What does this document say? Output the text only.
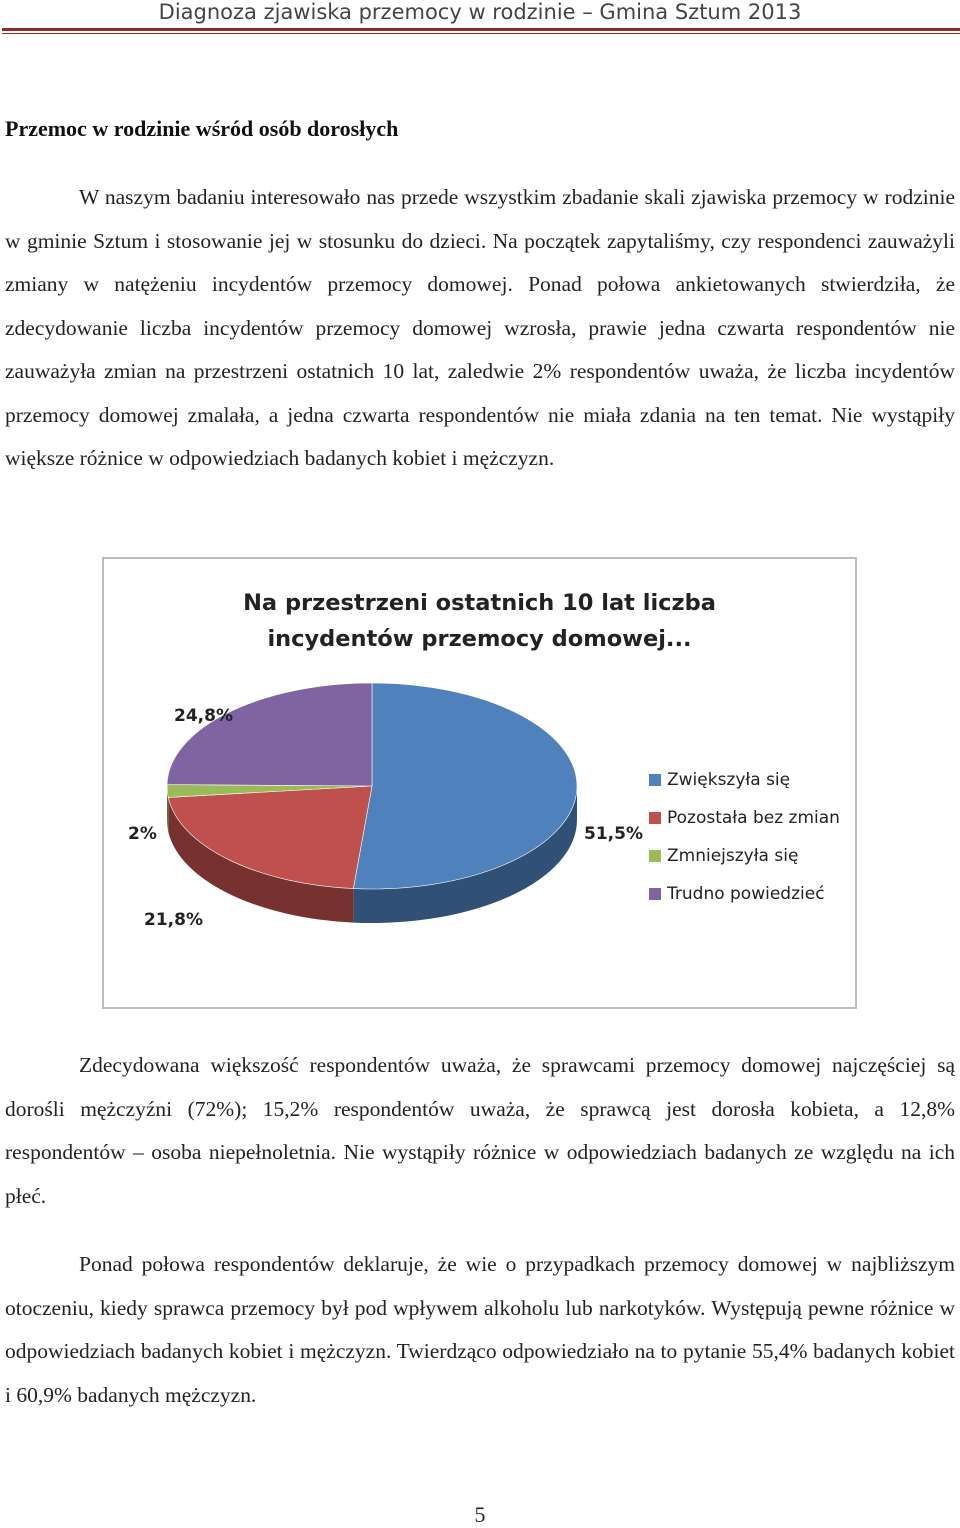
Diagnoza zjawiska przemocy w rodzinie – Gmina Sztum 2013
Przemoc w rodzinie wśród osób dorosłych
W naszym badaniu interesowało nas przede wszystkim zbadanie skali zjawiska przemocy w rodzinie w gminie Sztum i stosowanie jej w stosunku do dzieci. Na początek zapytaliśmy, czy respondenci zauważyli zmiany w natężeniu incydentów przemocy domowej. Ponad połowa ankietowanych stwierdziła, że zdecydowanie liczba incydentów przemocy domowej wzrosła, prawie jedna czwarta respondentów nie zauważyła zmian na przestrzeni ostatnich 10 lat, zaledwie 2% respondentów uważa, że liczba incydentów przemocy domowej zmalała, a jedna czwarta respondentów nie miała zdania na ten temat. Nie wystąpiły większe różnice w odpowiedziach badanych kobiet i mężczyzn.
Na przestrzeni ostatnich 10 lat liczba
incydentów przemocy domowej...
51,5%
21,8%
2%
24,8%
Zwiększyła się
Pozostała bez zmian
Zmniejszyła się
Trudno powiedzieć
Zdecydowana większość respondentów uważa, że sprawcami przemocy domowej najczęściej są dorośli mężczyźni (72%); 15,2% respondentów uważa, że sprawcą jest dorosła kobieta, a 12,8% respondentów – osoba niepełnoletnia. Nie wystąpiły różnice w odpowiedziach badanych ze względu na ich płeć.
Ponad połowa respondentów deklaruje, że wie o przypadkach przemocy domowej w najbliższym otoczeniu, kiedy sprawca przemocy był pod wpływem alkoholu lub narkotyków. Występują pewne różnice w odpowiedziach badanych kobiet i mężczyzn. Twierdząco odpowiedziało na to pytanie 55,4% badanych kobiet i 60,9% badanych mężczyzn.
5
